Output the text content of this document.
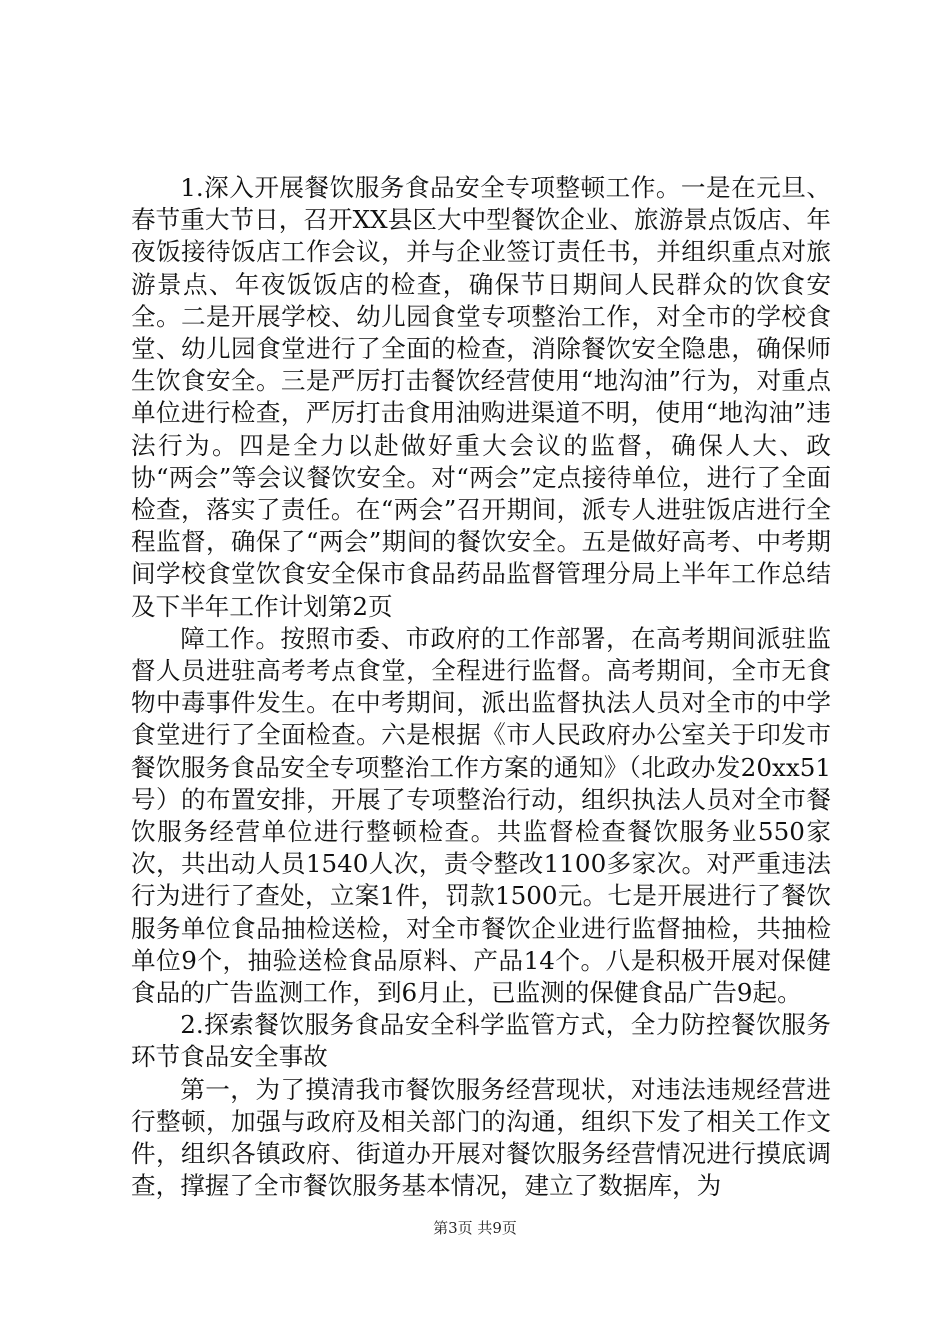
1.深入开展餐饮服务食品安全专项整顿工作。一是在元旦、春节重大节日，召开XX县区大中型餐饮企业、旅游景点饭店、年夜饭接待饭店工作会议，并与企业签订责任书，并组织重点对旅游景点、年夜饭饭店的检查，确保节日期间人民群众的饮食安全。二是开展学校、幼儿园食堂专项整治工作，对全市的学校食堂、幼儿园食堂进行了全面的检查，消除餐饮安全隐患，确保师生饮食安全。三是严厉打击餐饮经营使用“地沟油”行为，对重点单位进行检查，严厉打击食用油购进渠道不明，使用“地沟油”违法行为。四是全力以赴做好重大会议的监督，确保人大、政协“两会”等会议餐饮安全。对“两会”定点接待单位，进行了全面检查，落实了责任。在“两会”召开期间，派专人进驻饭店进行全程监督，确保了“两会”期间的餐饮安全。五是做好高考、中考期间学校食堂饮食安全保市食品药品监督管理分局上半年工作总结及下半年工作计划第2页

障工作。按照市委、市政府的工作部署，在高考期间派驻监督人员进驻高考考点食堂，全程进行监督。高考期间，全市无食物中毒事件发生。在中考期间，派出监督执法人员对全市的中学食堂进行了全面检查。六是根据《市人民政府办公室关于印发市餐饮服务食品安全专项整治工作方案的通知》（北政办发20xx51号）的布置安排，开展了专项整治行动，组织执法人员对全市餐饮服务经营单位进行整顿检查。共监督检查餐饮服务业550家次，共出动人员1540人次，责令整改1100多家次。对严重违法行为进行了查处，立案1件，罚款1500元。七是开展进行了餐饮服务单位食品抽检送检，对全市餐饮企业进行监督抽检，共抽检单位9个，抽验送检食品原料、产品14个。八是积极开展对保健食品的广告监测工作，到6月止，已监测的保健食品广告9起。

2.探索餐饮服务食品安全科学监管方式，全力防控餐饮服务环节食品安全事故

第一，为了摸清我市餐饮服务经营现状，对违法违规经营进行整顿，加强与政府及相关部门的沟通，组织下发了相关工作文件，组织各镇政府、街道办开展对餐饮服务经营情况进行摸底调查，撑握了全市餐饮服务基本情况，建立了数据库，为

第3页 共9页
